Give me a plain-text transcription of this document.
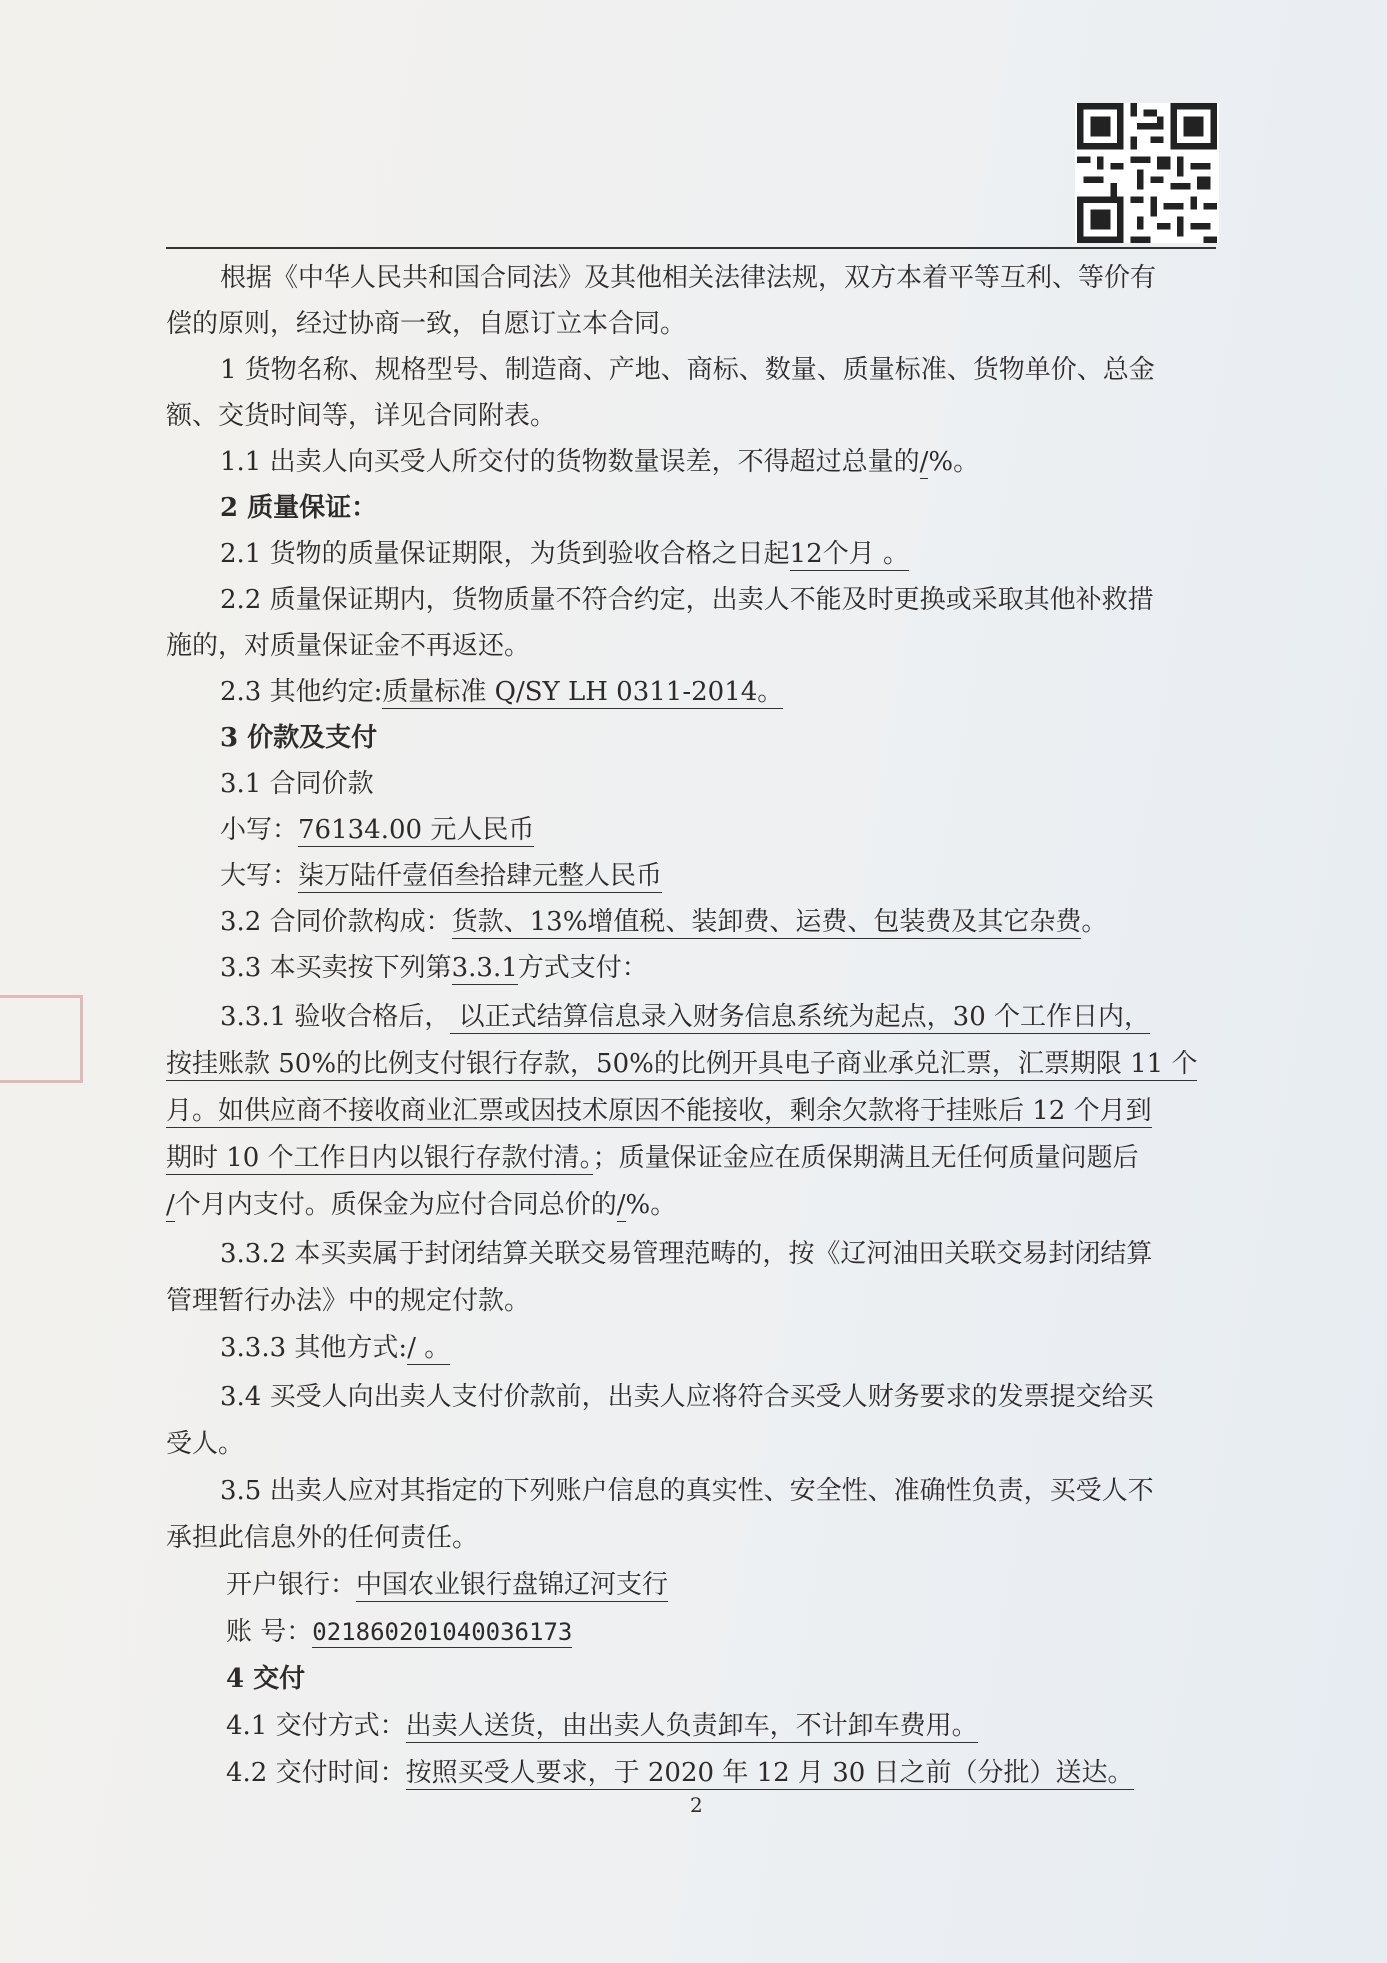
根据《中华人民共和国合同法》及其他相关法律法规，双方本着平等互利、等价有
偿的原则，经过协商一致，自愿订立本合同。
1 货物名称、规格型号、制造商、产地、商标、数量、质量标准、货物单价、总金
额、交货时间等，详见合同附表。
1.1 出卖人向买受人所交付的货物数量误差，不得超过总量的/%。
2 质量保证：
2.1 货物的质量保证期限，为货到验收合格之日起12个月 。
2.2 质量保证期内，货物质量不符合约定，出卖人不能及时更换或采取其他补救措
施的，对质量保证金不再返还。
2.3 其他约定:质量标准 Q/SY LH 0311-2014。
3 价款及支付
3.1 合同价款
小写：76134.00 元人民币
大写：柒万陆仟壹佰叁拾肆元整人民币
3.2 合同价款构成：货款、13%增值税、装卸费、运费、包装费及其它杂费。
3.3 本买卖按下列第3.3.1方式支付：
3.3.1 验收合格后， 以正式结算信息录入财务信息系统为起点，30 个工作日内，
按挂账款 50%的比例支付银行存款，50%的比例开具电子商业承兑汇票，汇票期限 11 个
月。如供应商不接收商业汇票或因技术原因不能接收，剩余欠款将于挂账后 12 个月到
期时 10 个工作日内以银行存款付清。；质量保证金应在质保期满且无任何质量问题后
/个月内支付。质保金为应付合同总价的/%。
3.3.2 本买卖属于封闭结算关联交易管理范畴的，按《辽河油田关联交易封闭结算
管理暂行办法》中的规定付款。
3.3.3 其他方式:/ 。
3.4 买受人向出卖人支付价款前，出卖人应将符合买受人财务要求的发票提交给买
受人。
3.5 出卖人应对其指定的下列账户信息的真实性、安全性、准确性负责，买受人不
承担此信息外的任何责任。
开户银行：中国农业银行盘锦辽河支行
账 号：021860201040036173
4 交付
4.1 交付方式：出卖人送货，由出卖人负责卸车，不计卸车费用。
4.2 交付时间：按照买受人要求，于 2020 年 12 月 30 日之前（分批）送达。
2
